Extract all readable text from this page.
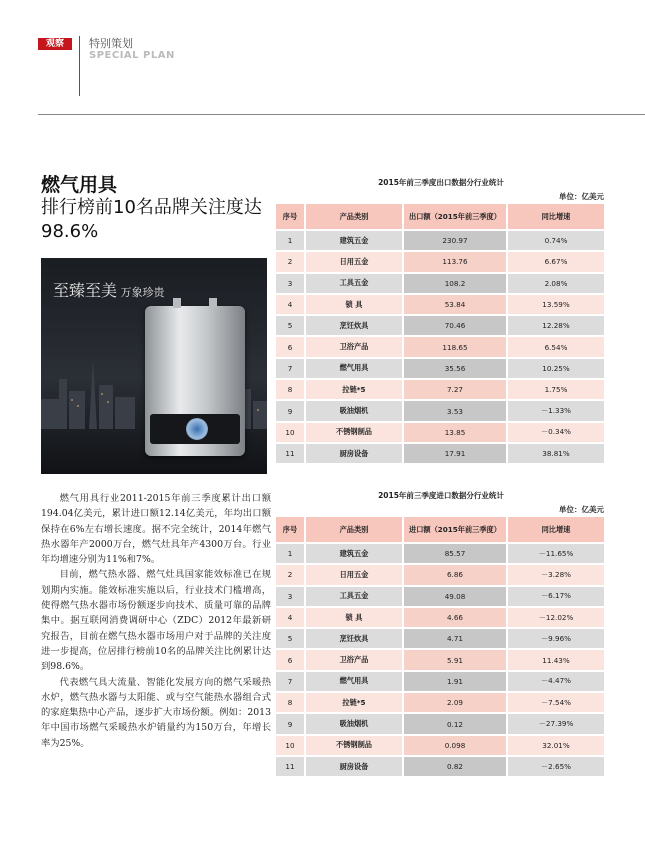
观察	特别策划
SPECIAL PLAN
燃气用具
排行榜前10名品牌关注度达98.6%
至臻至美 万象珍贵

燃气用具行业2011-2015年前三季度累计出口额194.04亿美元，累计进口额12.14亿美元，年均出口额保持在6%左右增长速度。据不完全统计，2014年燃气热水器年产2000万台，燃气灶具年产4300万台。行业年均增速分别为11%和7%。

目前，燃气热水器、燃气灶具国家能效标准已在规划期内实施。能效标准实施以后，行业技术门槛增高，使得燃气热水器市场份额逐步向技术、质量可靠的品牌集中。据互联网消费调研中心（ZDC）2012年最新研究报告，目前在燃气热水器市场用户对于品牌的关注度进一步提高，位居排行榜前10名的品牌关注比例累计达到98.6%。

代表燃气具大流量、智能化发展方向的燃气采暖热水炉，燃气热水器与太阳能、或与空气能热水器组合式的家庭集热中心产品，逐步扩大市场份额。例如：2013年中国市场燃气采暖热水炉销量约为150万台，年增长率为25%。

2015年前三季度出口数据分行业统计
单位：亿美元
序号	产品类别	出口额（2015年前三季度）	同比增速
1	建筑五金	230.97	0.74%
2	日用五金	113.76	6.67%
3	工具五金	108.2	2.08%
4	锁 具	53.84	13.59%
5	烹饪炊具	70.46	12.28%
6	卫浴产品	118.65	6.54%
7	燃气用具	35.56	10.25%
8	拉链*5	7.27	1.75%
9	吸油烟机	3.53	－1.33%
10	不锈钢制品	13.85	－0.34%
11	厨房设备	17.91	38.81%
2015年前三季度进口数据分行业统计
单位：亿美元
序号	产品类别	进口额（2015年前三季度）	同比增速
1	建筑五金	85.57	－11.65%
2	日用五金	6.86	－3.28%
3	工具五金	49.08	－6.17%
4	锁 具	4.66	－12.02%
5	烹饪炊具	4.71	－9.96%
6	卫浴产品	5.91	11.43%
7	燃气用具	1.91	－4.47%
8	拉链*5	2.09	－7.54%
9	吸油烟机	0.12	－27.39%
10	不锈钢制品	0.098	32.01%
11	厨房设备	0.82	－2.65%
